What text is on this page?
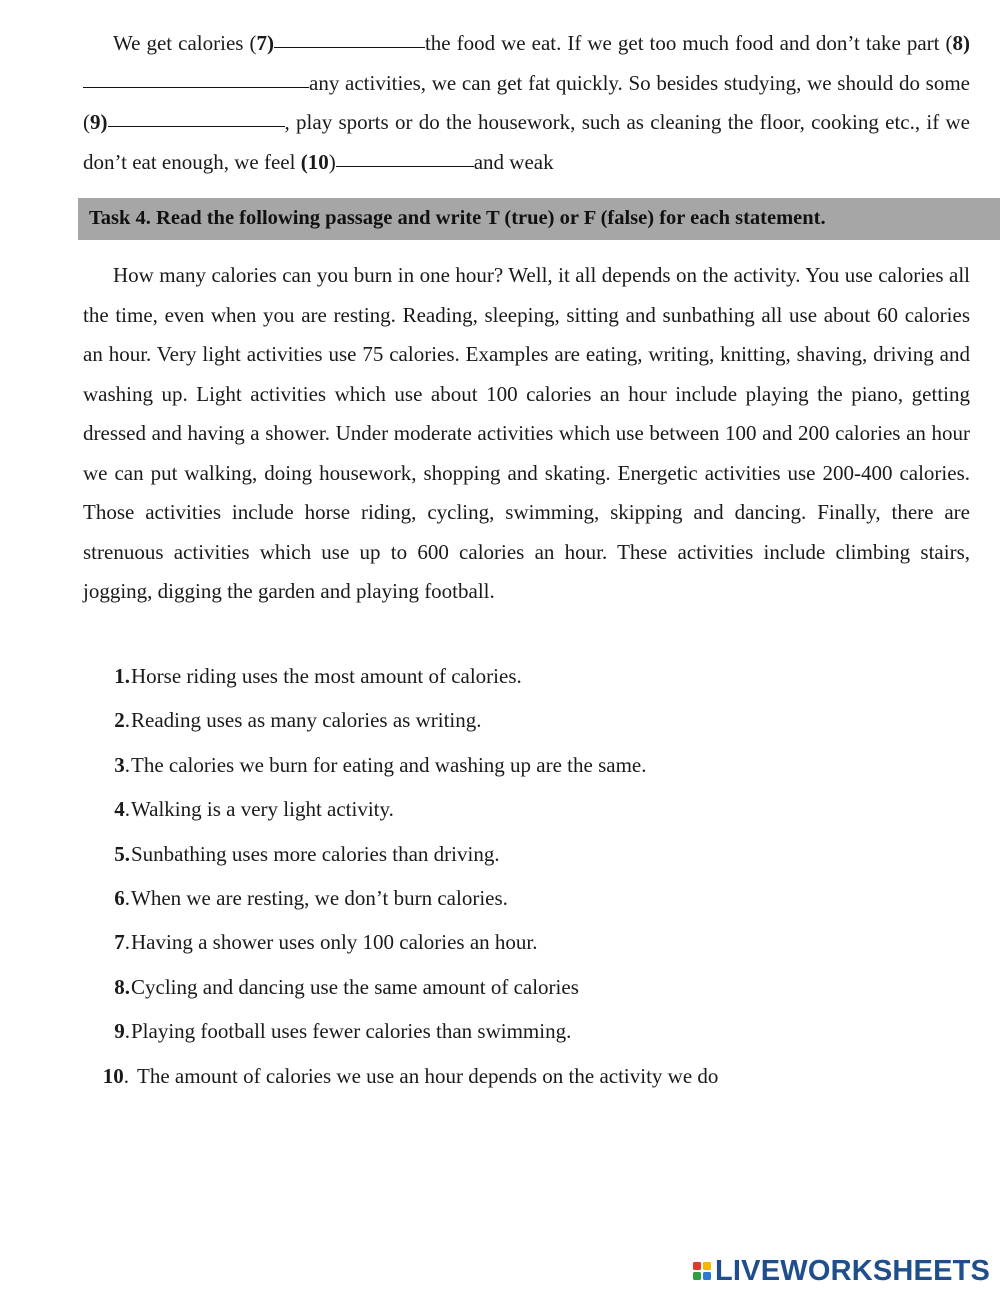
We get calories (7)	the food we eat. If we get too much food and don’t take part (8)any activities, we can get fat quickly. So besides studying, we should do some (9)	, play sports or do the housework, such as cleaning the floor, cooking etc., if we don’t eat enough, we feel (10)	and weak

Task 4. Read the following passage and write T (true) or F (false) for each statement.

How many calories can you burn in one hour? Well, it all depends on the activity. You use calories all the time, even when you are resting. Reading, sleeping, sitting and sunbathing all use about 60 calories an hour. Very light activities use 75 calories. Examples are eating, writing, knitting, shaving, driving and washing up. Light activities which use about 100 calories an hour include playing the piano, getting dressed and having a shower. Under moderate activities which use between 100 and 200 calories an hour we can put walking, doing housework, shopping and skating. Energetic activities use 200-400 calories. Those activities include horse riding, cycling, swimming, skipping and dancing. Finally, there are strenuous activities which use up to 600 calories an hour. These activities include climbing stairs, jogging, digging the garden and playing football.

1. Horse riding uses the most amount of calories.
2. Reading uses as many calories as writing.
3. The calories we burn for eating and washing up are the same.
4. Walking is a very light activity.
5. Sunbathing uses more calories than driving.
6. When we are resting, we don’t burn calories.
7. Having a shower uses only 100 calories an hour.
8. Cycling and dancing use the same amount of calories
9. Playing football uses fewer calories than swimming.
10. The amount of calories we use an hour depends on the activity we do
LIVEWORKSHEETS
